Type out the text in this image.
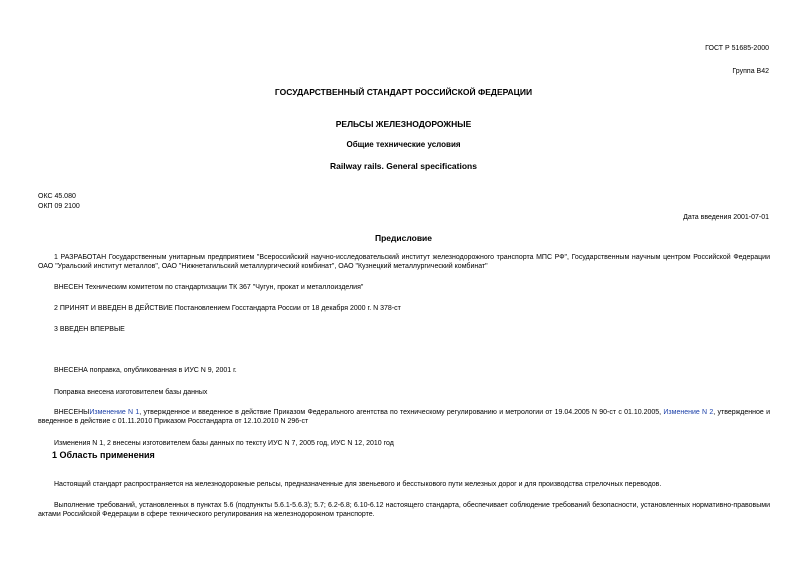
ГОСТ Р 51685-2000
Группа В42
ГОСУДАРСТВЕННЫЙ СТАНДАРТ РОССИЙСКОЙ ФЕДЕРАЦИИ
РЕЛЬСЫ ЖЕЛЕЗНОДОРОЖНЫЕ
Общие технические условия
Railway rails. General specifications
ОКС 45.080
ОКП 09 2100
Дата введения 2001-07-01
Предисловие
1 РАЗРАБОТАН Государственным унитарным предприятием "Всероссийский научно-исследовательский институт железнодорожного транспорта МПС РФ", Государственным научным центром Российской Федерации ОАО "Уральский институт металлов", ОАО "Нижнетагильский металлургический комбинат", ОАО "Кузнецкий металлургический комбинат"
ВНЕСЕН Техническим комитетом по стандартизации ТК 367 "Чугун, прокат и металлоизделия"
2 ПРИНЯТ И ВВЕДЕН В ДЕЙСТВИЕ Постановлением Госстандарта России от 18 декабря 2000 г. N 378-ст
3 ВВЕДЕН ВПЕРВЫЕ
ВНЕСЕНА поправка, опубликованная в ИУС N 9, 2001 г.
Поправка внесена изготовителем базы данных
ВНЕСЕНЫИзменение N 1, утвержденное и введенное в действие Приказом Федерального агентства по техническому регулированию и метрологии от 19.04.2005 N 90-ст с 01.10.2005, Изменение N 2, утвержденное и введенное в действие с 01.11.2010 Приказом Росстандарта от 12.10.2010 N 296-ст
Изменения N 1, 2 внесены изготовителем базы данных по тексту ИУС N 7, 2005 год, ИУС N 12, 2010 год
1 Область применения
Настоящий стандарт распространяется на железнодорожные рельсы, предназначенные для звеньевого и бесстыкового пути железных дорог и для производства стрелочных переводов.
Выполнение требований, установленных в пунктах 5.6 (подпункты 5.6.1-5.6.3); 5.7; 6.2-6.8; 6.10-6.12 настоящего стандарта, обеспечивает соблюдение требований безопасности, установленных нормативно-правовыми актами Российской Федерации в сфере технического регулирования на железнодорожном транспорте.
